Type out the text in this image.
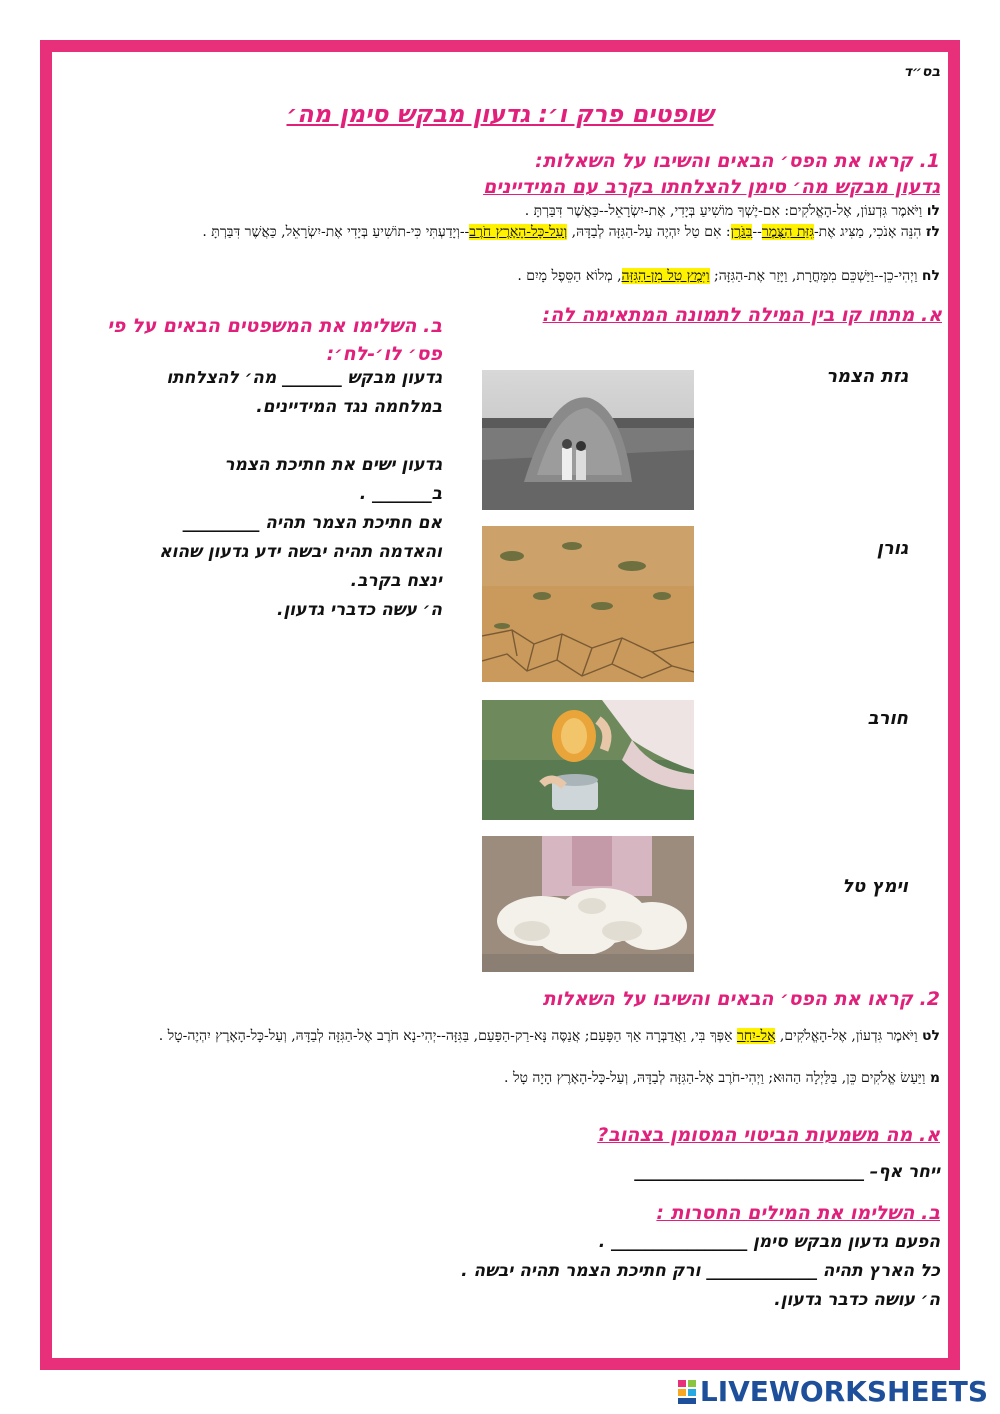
בס״ד
שופטים פרק ו׳: גדעון מבקש סימן מה׳
1. קראו את הפס׳ הבאים והשיבו על השאלות:
גדעון מבקש מה׳ סימן להצלחתו בקרב עם המידיינים
לו וַיֹּאמֶר גִּדְעוֹן, אֶל-הָאֱלֹקִים: אִם-יֶשְׁךָ מוֹשִׁיעַ בְּיָדִי, אֶת-יִשְׂרָאֵל--כַּאֲשֶׁר דִּבַּרְתָּ .
לז הִנֵּה אָנֹכִי, מַצִּיג אֶת-גִּזַּת הַצֶּמֶר--בַּגֹּרֶן: אִם טַל יִהְיֶה עַל-הַגִּזָּה לְבַדָּהּ, וְעַל-כָּל-הָאָרֶץ חֹרֶב--וְיָדַעְתִּי כִּי-תוֹשִׁיעַ בְּיָדִי אֶת-יִשְׂרָאֵל, כַּאֲשֶׁר דִּבַּרְתָּ .
לח וַיְהִי-כֵן--וַיַּשְׁכֵּם מִמָּחֳרָת, וַיָּזַר אֶת-הַגִּזָּה; וַיִּמֶץ טַל מִן-הַגִּזָּה, מְלוֹא הַסֵּפֶל מָיִם .
א. מתחו קו בין המילה לתמונה המתאימה לה:
ב. השלימו את המשפטים הבאים על פי פס׳ לו׳-לח׳:
גדעון מבקש _______ מה׳ להצלחתו
במלחמה נגד המידיינים.
גדעון ישים את חתיכת הצמר
ב_______ .
אם חתיכת הצמר תהיה _________
והאדמה תהיה יבשה ידע גדעון שהוא
ינצח בקרב.
ה׳ עשה כדברי גדעון.
גזת הצמר
גורן
חורב
וימץ טל
2. קראו את הפס׳ הבאים והשיבו על השאלות
לט וַיֹּאמֶר גִּדְעוֹן, אֶל-הָאֱלֹקִים, אַל-יִחַר אַפְּךָ בִּי, וַאֲדַבְּרָה אַךְ הַפָּעַם; אֲנַסֶּה נָּא-רַק-הַפַּעַם, בַּגִּזָּה--יְהִי-נָא חֹרֶב אֶל-הַגִּזָּה לְבַדָּהּ, וְעַל-כָּל-הָאָרֶץ יִהְיֶה-טָל .
מ וַיַּעַשׂ אֱלֹקִים כֵּן, בַּלַּיְלָה הַהוּא; וַיְהִי-חֹרֶב אֶל-הַגִּזָּה לְבַדָּהּ, וְעַל-כָּל-הָאָרֶץ הָיָה טָל .
א. מה משמעות הביטוי המסומן בצהוב?
ייחר אף– ___________________________
ב. השלימו את המילים החסרות :
הפעם גדעון מבקש סימן ________________ .
כל הארץ תהיה _____________ ורק חתיכת הצמר תהיה יבשה .
ה׳ עושה כדבר גדעון.
LIVEWORKSHEETS
